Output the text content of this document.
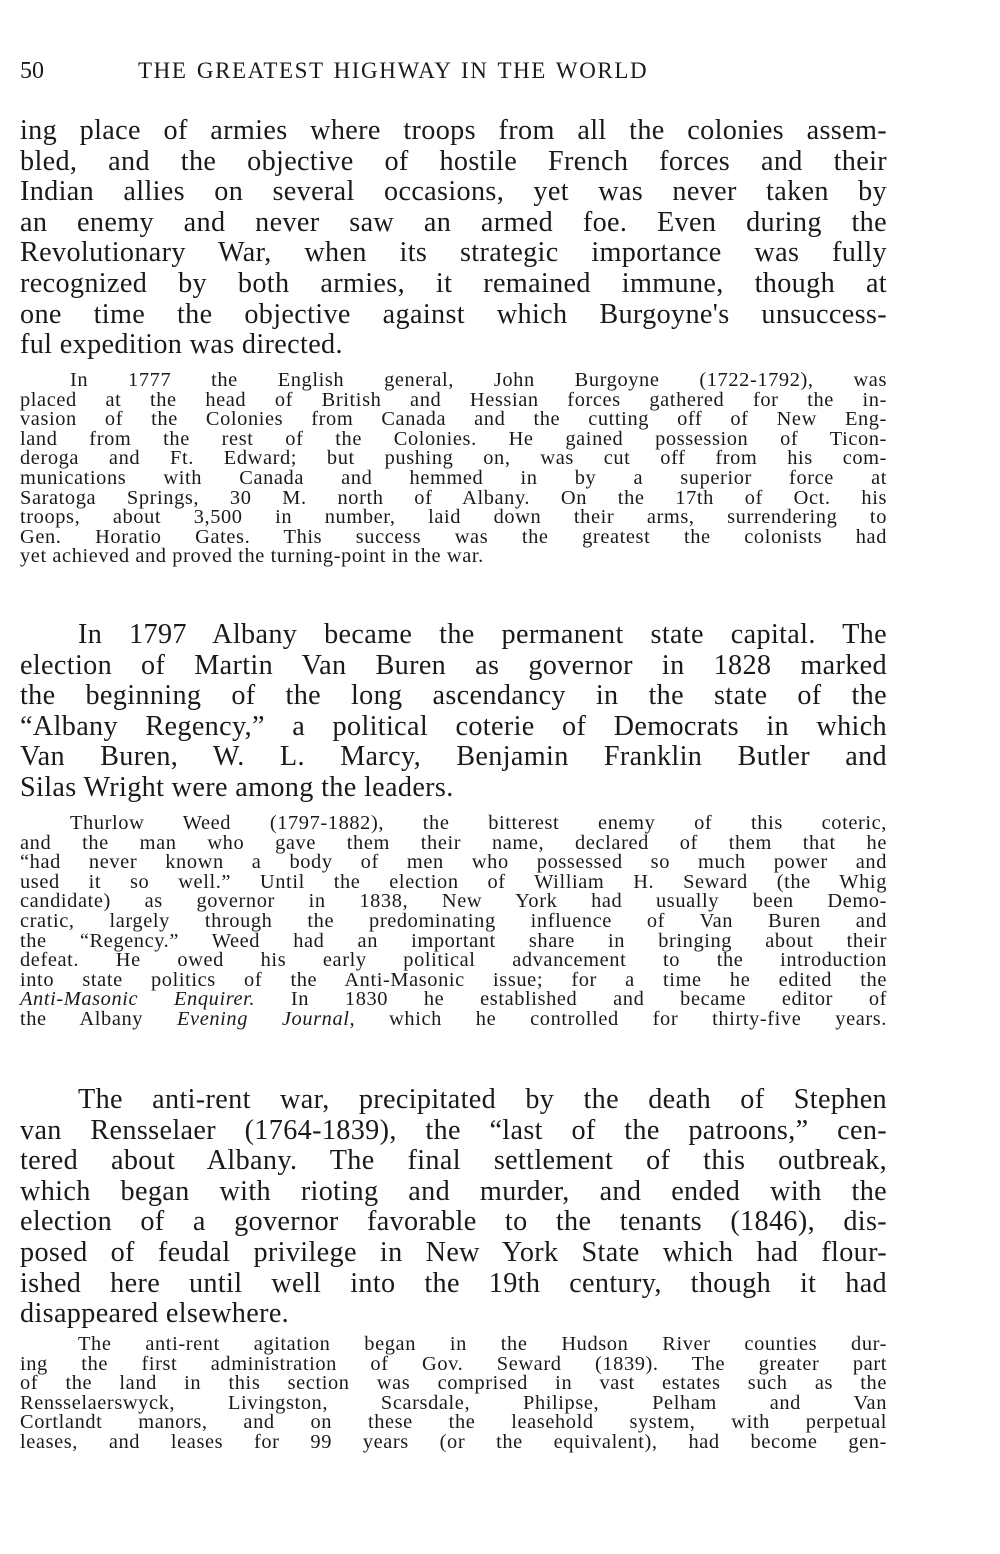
50	THE GREATEST HIGHWAY IN THE WORLD
ing place of armies where troops from all the colonies assem-
bled, and the objective of hostile French forces and their
Indian allies on several occasions, yet was never taken by
an enemy and never saw an armed foe. Even during the
Revolutionary War, when its strategic importance was fully
recognized by both armies, it remained immune, though at
one time the objective against which Burgoyne's unsuccess-
ful expedition was directed.
In 1777 the English general, John Burgoyne (1722-1792), was
placed at the head of British and Hessian forces gathered for the in-
vasion of the Colonies from Canada and the cutting off of New Eng-
land from the rest of the Colonies. He gained possession of Ticon-
deroga and Ft. Edward; but pushing on, was cut off from his com-
munications with Canada and hemmed in by a superior force at
Saratoga Springs, 30 M. north of Albany. On the 17th of Oct. his
troops, about 3,500 in number, laid down their arms, surrendering to
Gen. Horatio Gates. This success was the greatest the colonists had
yet achieved and proved the turning-point in the war.
In 1797 Albany became the permanent state capital. The
election of Martin Van Buren as governor in 1828 marked
the beginning of the long ascendancy in the state of the
“Albany Regency,” a political coterie of Democrats in which
Van Buren, W. L. Marcy, Benjamin Franklin Butler and
Silas Wright were among the leaders.
Thurlow Weed (1797-1882), the bitterest enemy of this coteric,
and the man who gave them their name, declared of them that he
“had never known a body of men who possessed so much power and
used it so well.” Until the election of William H. Seward (the Whig
candidate) as governor in 1838, New York had usually been Demo-
cratic, largely through the predominating influence of Van Buren and
the “Regency.” Weed had an important share in bringing about their
defeat. He owed his early political advancement to the introduction
into state politics of the Anti-Masonic issue; for a time he edited the
Anti-Masonic Enquirer. In 1830 he established and became editor of
the Albany Evening Journal, which he controlled for thirty-five years.
The anti-rent war, precipitated by the death of Stephen
van Rensselaer (1764-1839), the “last of the patroons,” cen-
tered about Albany. The final settlement of this outbreak,
which began with rioting and murder, and ended with the
election of a governor favorable to the tenants (1846), dis-
posed of feudal privilege in New York State which had flour-
ished here until well into the 19th century, though it had
disappeared elsewhere.
The anti-rent agitation began in the Hudson River counties dur-
ing the first administration of Gov. Seward (1839). The greater part
of the land in this section was comprised in vast estates such as the
Rensselaerswyck, Livingston, Scarsdale, Philipse, Pelham and Van
Cortlandt manors, and on these the leasehold system, with perpetual
leases, and leases for 99 years (or the equivalent), had become gen-
